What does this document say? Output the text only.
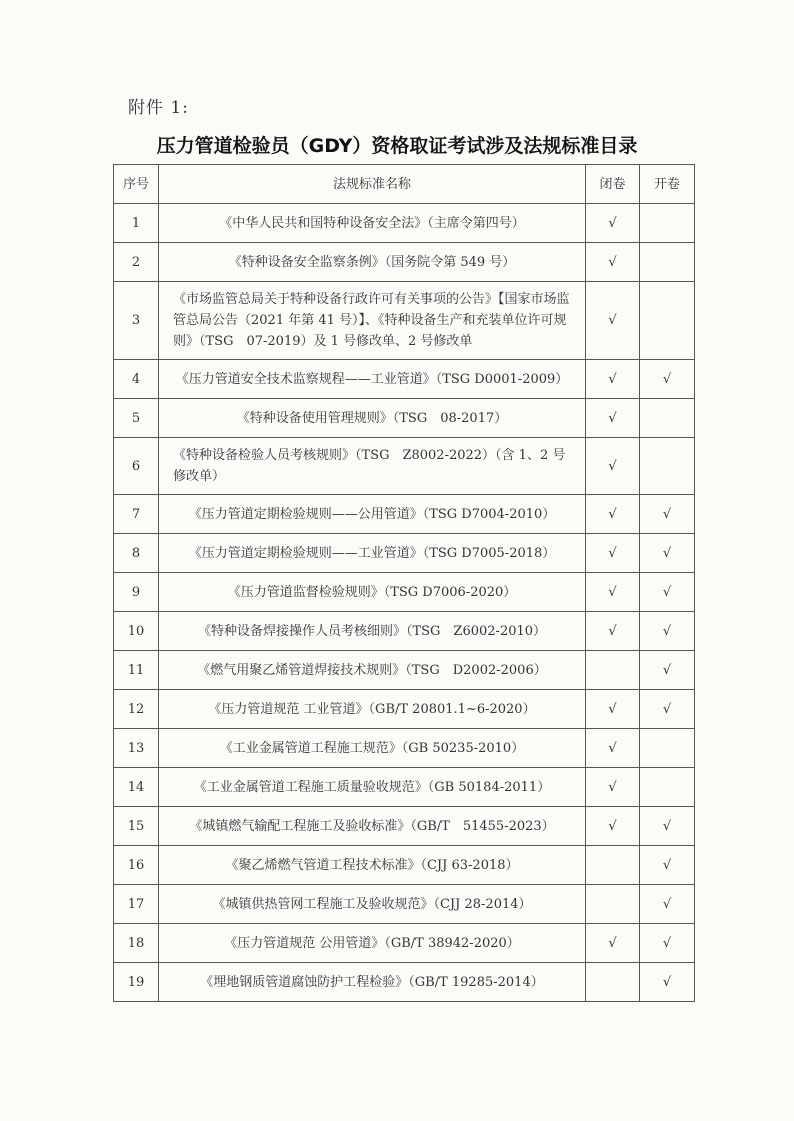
附件 1:
压力管道检验员（GDY）资格取证考试涉及法规标准目录
序号	法规标准名称	闭卷	开卷
1	《中华人民共和国特种设备安全法》（主席令第四号）	√	
2	《特种设备安全监察条例》（国务院令第 549 号）	√	
3	《市场监管总局关于特种设备行政许可有关事项的公告》【国家市场监管总局公告（2021 年第 41 号）】、《特种设备生产和充装单位许可规则》（TSG　07-2019）及 1 号修改单、2 号修改单	√	
4	《压力管道安全技术监察规程——工业管道》（TSG D0001-2009）	√	√
5	《特种设备使用管理规则》（TSG　08-2017）	√	
6	《特种设备检验人员考核规则》（TSG　Z8002-2022）（含 1、2 号修改单）	√	
7	《压力管道定期检验规则——公用管道》（TSG D7004-2010）	√	√
8	《压力管道定期检验规则——工业管道》（TSG D7005-2018）	√	√
9	《压力管道监督检验规则》（TSG D7006-2020）	√	√
10	《特种设备焊接操作人员考核细则》（TSG　Z6002-2010）	√	√
11	《燃气用聚乙烯管道焊接技术规则》（TSG　D2002-2006）		√
12	《压力管道规范 工业管道》（GB/T 20801.1~6-2020）	√	√
13	《工业金属管道工程施工规范》（GB 50235-2010）	√	
14	《工业金属管道工程施工质量验收规范》（GB 50184-2011）	√	
15	《城镇燃气输配工程施工及验收标准》（GB/T　51455-2023）	√	√
16	《聚乙烯燃气管道工程技术标准》（CJJ 63-2018）		√
17	《城镇供热管网工程施工及验收规范》（CJJ 28-2014）		√
18	《压力管道规范 公用管道》（GB/T 38942-2020）	√	√
19	《埋地钢质管道腐蚀防护工程检验》（GB/T 19285-2014）		√
